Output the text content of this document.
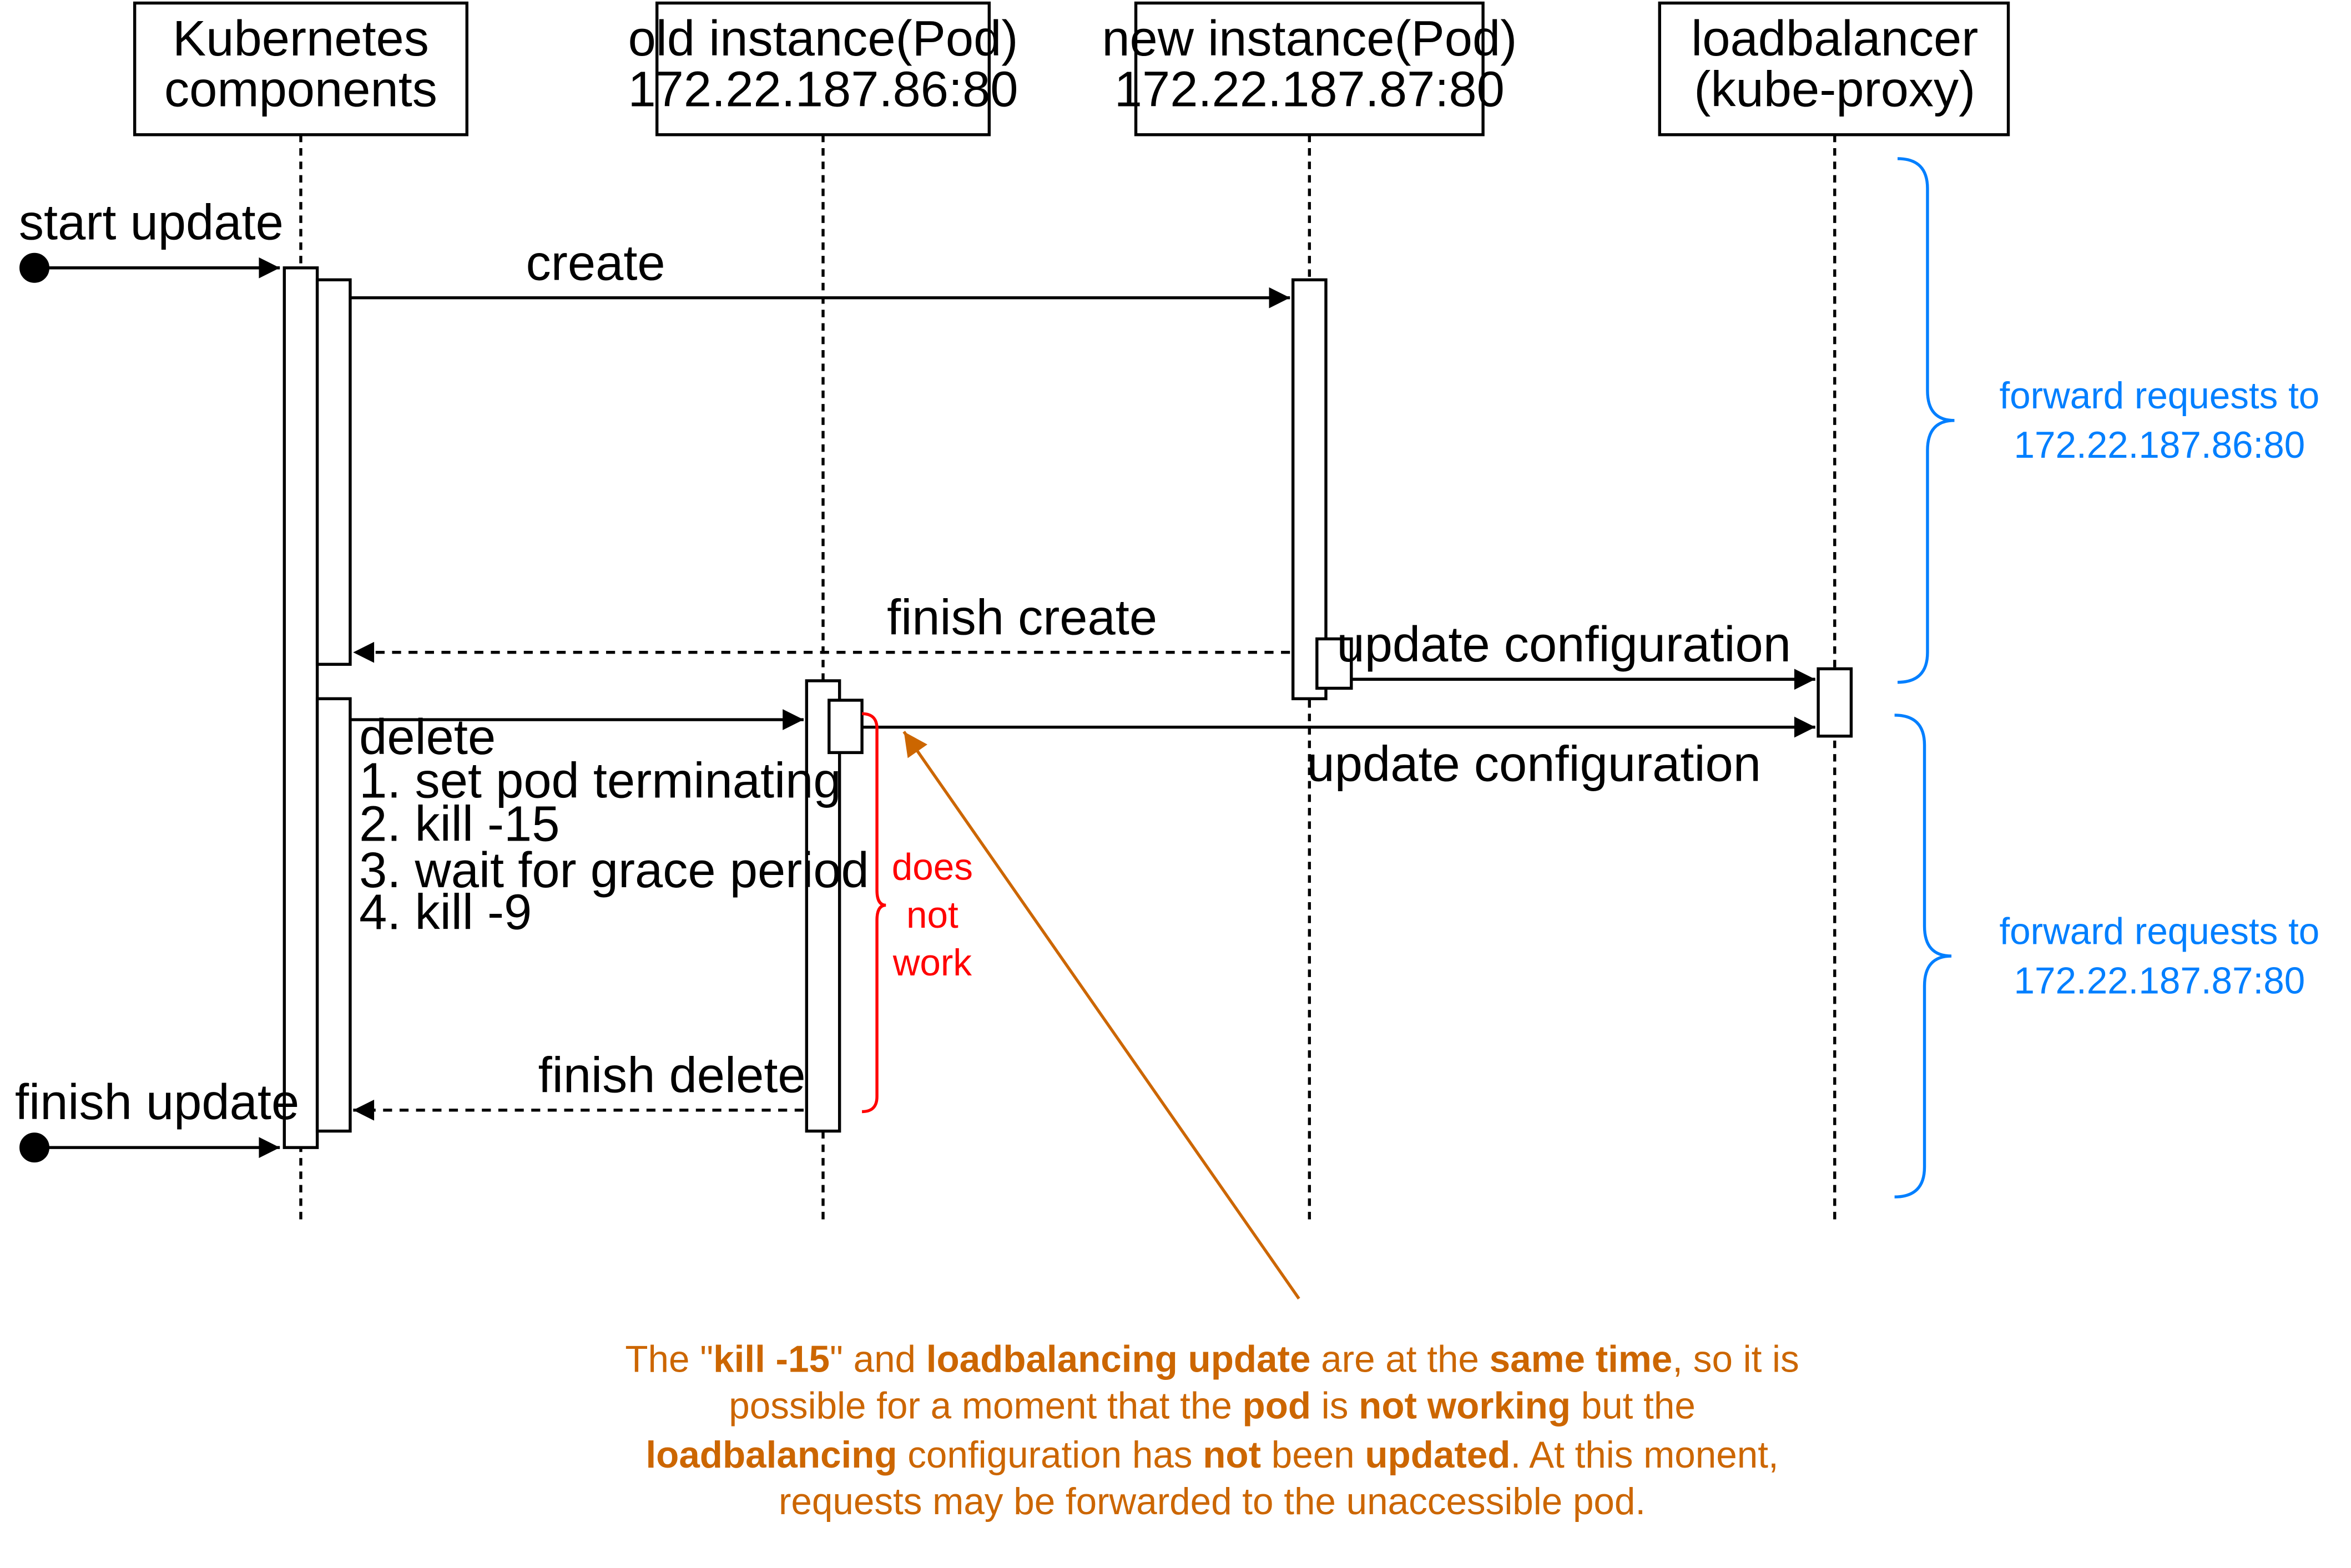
Kubernetes
components
old instance(Pod)
172.22.187.86:80
new instance(Pod)
172.22.187.87:80
loadbalancer
(kube-proxy)
start update
create
finish create	update configuration
update configuration
delete
1. set pod terminating
2. kill -15
3. wait for grace period
4. kill -9
finish delete
finish update
does
not
work
forward requests to
172.22.187.86:80
forward requests to
172.22.187.87:80
The "kill -15" and loadbalancing update are at the same time, so it is
possible for a moment that the pod is not working but the
loadbalancing configuration has not been updated. At this monent,
requests may be forwarded to the unaccessible pod.
